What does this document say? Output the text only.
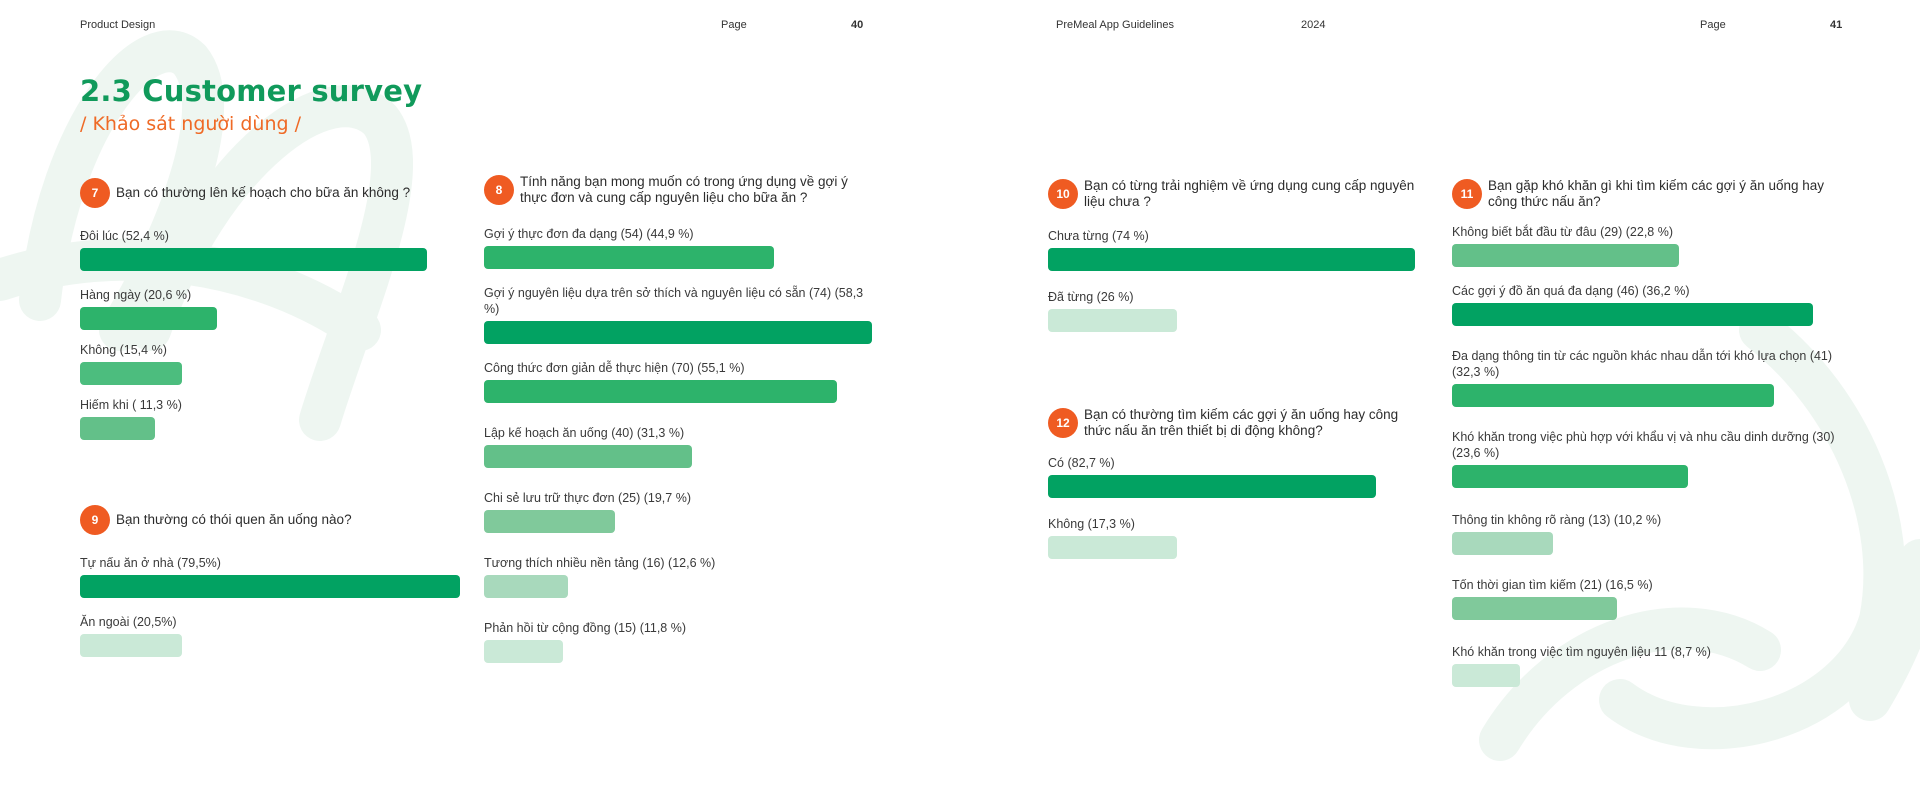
Product Design	Page	40	PreMeal App Guidelines	2024	Page	41
2.3 Customer survey
/ Khảo sát người dùng /
7	Bạn có thường lên kế hoạch cho bữa ăn không ?
Đôi lúc (52,4 %)
Hàng ngày (20,6 %)
Không (15,4 %)
Hiếm khi ( 11,3 %)
9	Bạn thường có thói quen ăn uống nào?
Tự nấu ăn ở nhà (79,5%)
Ăn ngoài (20,5%)
8
Tính năng bạn mong muốn có trong ứng dụng về gợi ý thực đơn và cung cấp nguyên liệu cho bữa ăn ?
Gợi ý thực đơn đa dạng (54) (44,9 %)
Gợi ý nguyên liệu dựa trên sở thích và nguyên liệu có sẵn (74) (58,3 %)
Công thức đơn giản dễ thực hiện (70) (55,1 %)
Lập kế hoạch ăn uống (40) (31,3 %)
Chi sẻ lưu trữ thực đơn (25) (19,7 %)
Tương thích nhiều nền tảng (16) (12,6 %)
Phản hồi từ cộng đồng (15) (11,8 %)
10
Bạn có từng trải nghiệm về ứng dụng cung cấp nguyên liệu chưa ?
Chưa từng (74 %)
Đã từng (26 %)
12
Bạn có thường tìm kiếm các gợi ý ăn uống hay công thức nấu ăn trên thiết bị di động không?
Có (82,7 %)
Không (17,3 %)
11
Bạn gặp khó khăn gì khi tìm kiếm các gợi ý ăn uống hay công thức nấu ăn?
Không biết bắt đầu từ đâu (29) (22,8 %)
Các gợi ý đồ ăn quá đa dạng (46) (36,2 %)
Đa dạng thông tin từ các nguồn khác nhau dẫn tới khó lựa chọn (41) (32,3 %)
Khó khăn trong việc phù hợp với khẩu vị và nhu cầu dinh dưỡng (30) (23,6 %)
Thông tin không rõ ràng (13) (10,2 %)
Tốn thời gian tìm kiếm (21) (16,5 %)
Khó khăn trong việc tìm nguyên liệu 11 (8,7 %)
